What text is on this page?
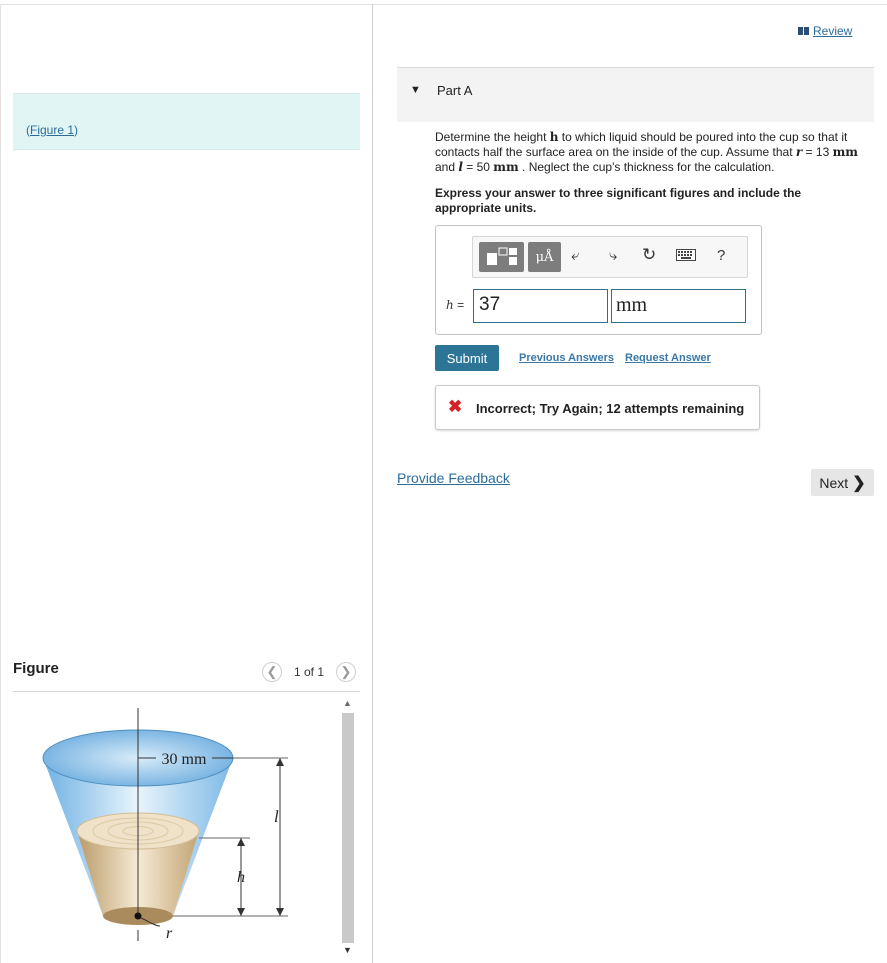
(Figure 1)
Figure	❮ 1 of 1 ❯
▲
▼
30 mm
l
h
r
Review
▼ Part A
Determine the height h to which liquid should be poured into the cup so that it contacts half the surface area on the inside of the cup. Assume that r = 13 mm and l = 50 mm . Neglect the cup's thickness for the calculation.
Express your answer to three significant figures and include the appropriate units.
μÅ	⤶ ⤷ ↻	?
h = 37	mm
Submit	Previous Answers Request Answer
✖ Incorrect; Try Again; 12 attempts remaining
Provide Feedback	Next ❯
